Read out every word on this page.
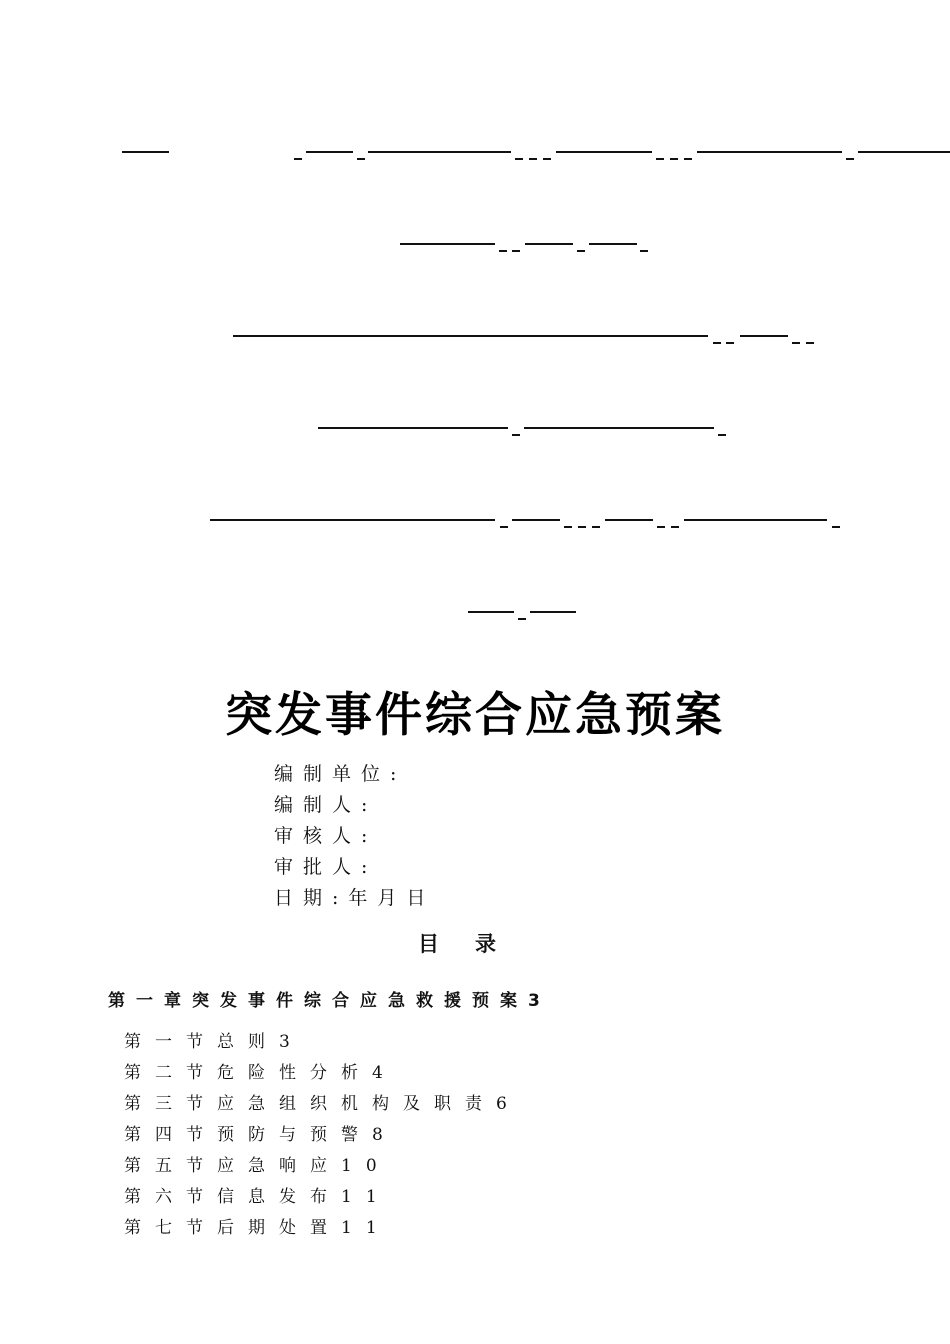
突发事件综合应急预案
编制单位:
编制人:
审核人:
审批人:
日期:年月日
目录
第一章突发事件综合应急救援预案3
第一节总则3
第二节危险性分析4
第三节应急组织机构及职责6
第四节预防与预警8
第五节应急响应10
第六节信息发布11
第七节后期处置11
